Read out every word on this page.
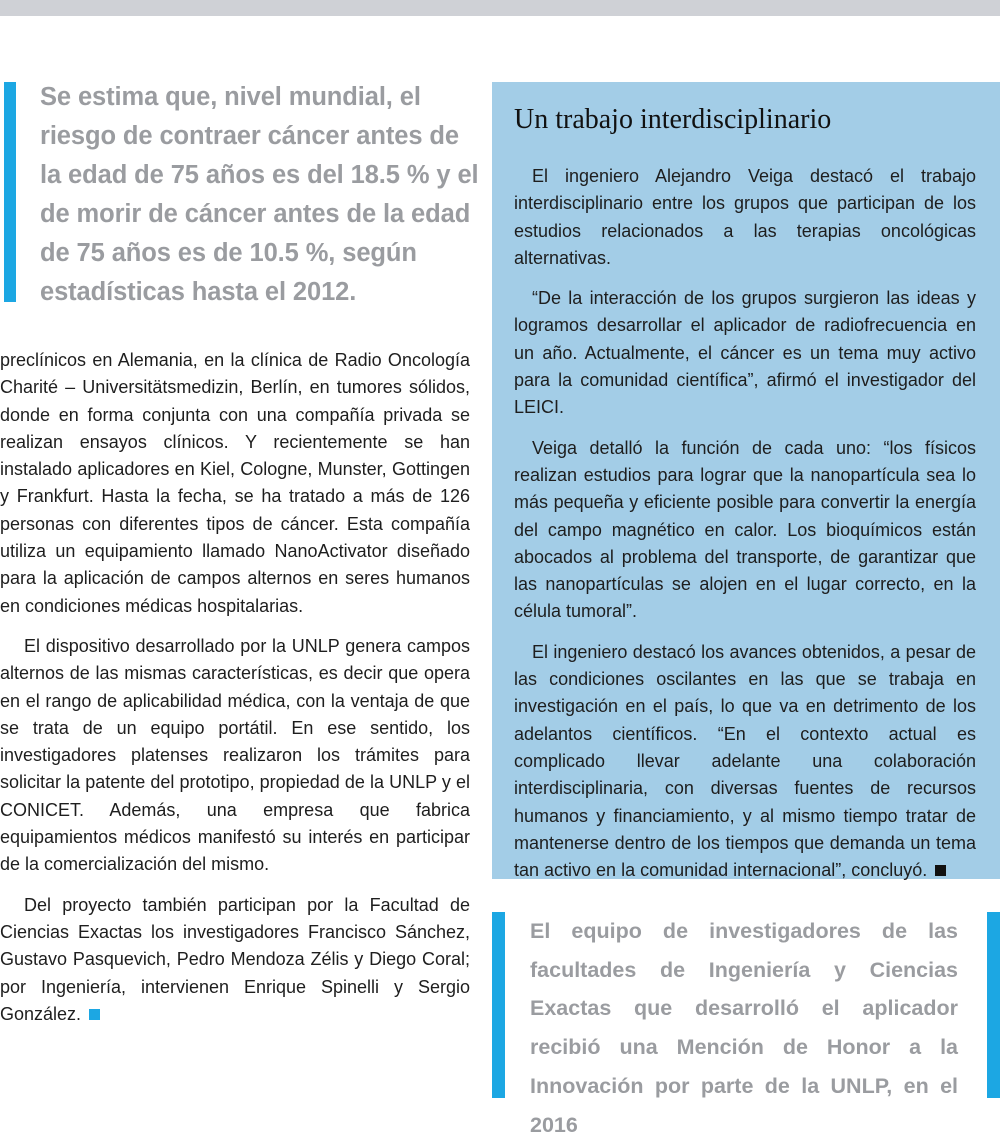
Se estima que, nivel mundial, el riesgo de contraer cáncer antes de la edad de 75 años es del 18.5 % y el de morir de cáncer antes de la edad de 75 años es de 10.5 %, según estadísticas hasta el 2012.

preclínicos en Alemania, en la clínica de Radio Oncología Charité – Universitätsmedizin, Berlín, en tumores sólidos, donde en forma conjunta con una compañía privada se realizan ensayos clínicos. Y recientemente se han instalado aplicadores en Kiel, Cologne, Munster, Gottingen y Frankfurt. Hasta la fecha, se ha tratado a más de 126 personas con diferentes tipos de cáncer. Esta compañía utiliza un equipamiento llamado NanoActivator diseñado para la aplicación de campos alternos en seres humanos en condiciones médicas hospitalarias.

El dispositivo desarrollado por la UNLP genera campos alternos de las mismas características, es decir que opera en el rango de aplicabilidad médica, con la ventaja de que se trata de un equipo portátil. En ese sentido, los investigadores platenses realizaron los trámites para solicitar la patente del prototipo, propiedad de la UNLP y el CONICET. Además, una empresa que fabrica equipamientos médicos manifestó su interés en participar de la comercialización del mismo.

Del proyecto también participan por la Facultad de Ciencias Exactas los investigadores Francisco Sánchez, Gustavo Pasquevich, Pedro Mendoza Zélis y Diego Coral; por Ingeniería, intervienen Enrique Spinelli y Sergio González.

Un trabajo interdisciplinario

El ingeniero Alejandro Veiga destacó el trabajo interdisciplinario entre los grupos que participan de los estudios relacionados a las terapias oncológicas alternativas.

“De la interacción de los grupos surgieron las ideas y logramos desarrollar el aplicador de radiofrecuencia en un año. Actualmente, el cáncer es un tema muy activo para la comunidad científica”, afirmó el investigador del LEICI.

Veiga detalló la función de cada uno: “los físicos realizan estudios para lograr que la nanopartícula sea lo más pequeña y eficiente posible para convertir la energía del campo magnético en calor. Los bioquímicos están abocados al problema del transporte, de garantizar que las nanopartículas se alojen en el lugar correcto, en la célula tumoral”.

El ingeniero destacó los avances obtenidos, a pesar de las condiciones oscilantes en las que se trabaja en investigación en el país, lo que va en detrimento de los adelantos científicos. “En el contexto actual es complicado llevar adelante una colaboración interdisciplinaria, con diversas fuentes de recursos humanos y financiamiento, y al mismo tiempo tratar de mantenerse dentro de los tiempos que demanda un tema tan activo en la comunidad internacional”, concluyó.

El equipo de investigadores de las facultades de Ingeniería y Ciencias Exactas que desarrolló el aplicador recibió una Mención de Honor a la Innovación por parte de la UNLP, en el 2016
